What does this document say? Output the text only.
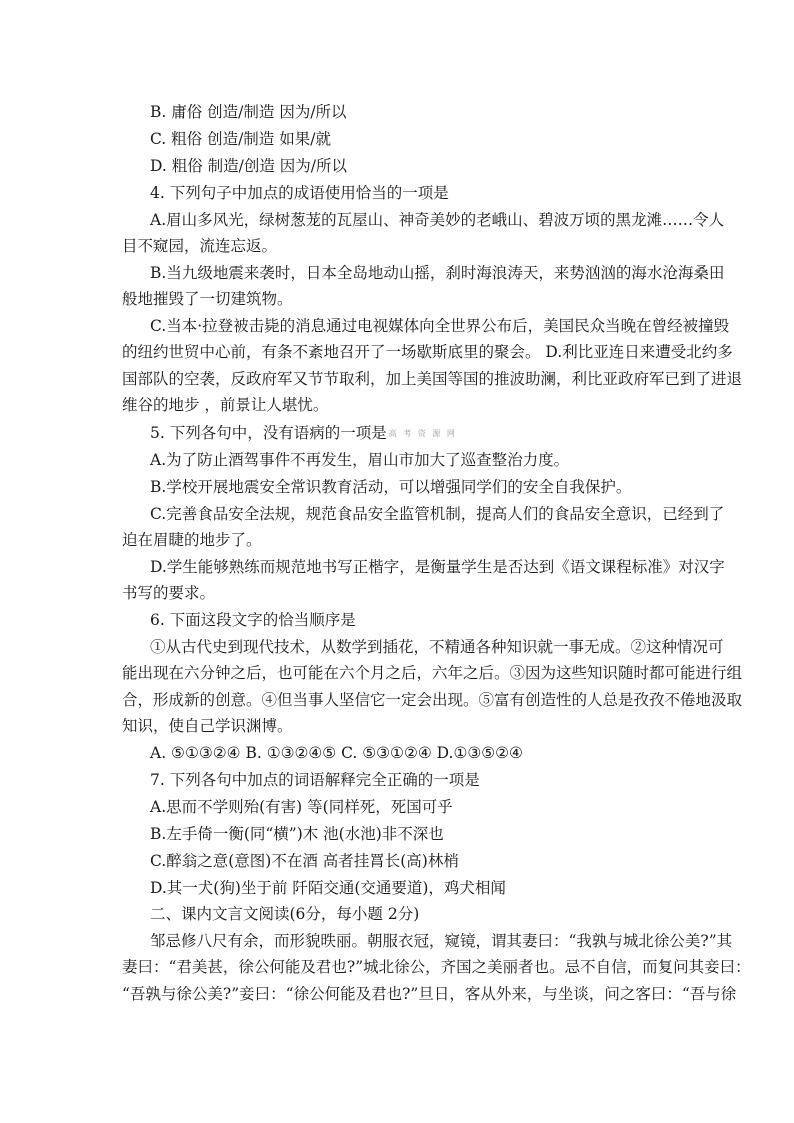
B. 庸俗 创造/制造 因为/所以
C. 粗俗 创造/制造 如果/就
D. 粗俗 制造/创造 因为/所以
4. 下列句子中加点的成语使用恰当的一项是
A.眉山多风光，绿树葱茏的瓦屋山、神奇美妙的老峨山、碧波万顷的黑龙滩……令人
目不窥园，流连忘返。
B.当九级地震来袭时，日本全岛地动山摇，刹时海浪涛天，来势汹汹的海水沧海桑田
般地摧毁了一切建筑物。
C.当本·拉登被击毙的消息通过电视媒体向全世界公布后，美国民众当晚在曾经被撞毁
的纽约世贸中心前，有条不紊地召开了一场歇斯底里的聚会。 D.利比亚连日来遭受北约多
国部队的空袭，反政府军又节节取利，加上美国等国的推波助澜，利比亚政府军已到了进退
维谷的地步 ，前景让人堪忧。
5. 下列各句中，没有语病的一项是 高 考 资 源 网
A.为了防止酒驾事件不再发生，眉山市加大了巡查整治力度。
B.学校开展地震安全常识教育活动，可以增强同学们的安全自我保护。
C.完善食品安全法规，规范食品安全监管机制，提高人们的食品安全意识，已经到了
迫在眉睫的地步了。
D.学生能够熟练而规范地书写正楷字，是衡量学生是否达到《语文课程标准》对汉字
书写的要求。
6. 下面这段文字的恰当顺序是
①从古代史到现代技术，从数学到插花，不精通各种知识就一事无成。②这种情况可
能出现在六分钟之后，也可能在六个月之后，六年之后。③因为这些知识随时都可能进行组
合，形成新的创意。④但当事人坚信它一定会出现。⑤富有创造性的人总是孜孜不倦地汲取
知识，使自己学识渊博。
A. ⑤①③②④ B. ①③②④⑤ C. ⑤③①②④ D.①③⑤②④
7. 下列各句中加点的词语解释完全正确的一项是
A.思而不学则殆(有害) 等(同样死，死国可乎
B.左手倚一衡(同“横”)木 池(水池)非不深也
C.醉翁之意(意图)不在酒 高者挂罥长(高)林梢
D.其一犬(狗)坐于前 阡陌交通(交通要道)，鸡犬相闻
二、课内文言文阅读(6分，每小题 2分)
邹忌修八尺有余，而形貌昳丽。朝服衣冠，窥镜，谓其妻曰：“我孰与城北徐公美?”其
妻曰：“君美甚，徐公何能及君也?”城北徐公，齐国之美丽者也。忌不自信，而复问其妾曰：
“吾孰与徐公美?”妾曰：“徐公何能及君也?”旦日，客从外来，与坐谈，问之客曰：“吾与徐
